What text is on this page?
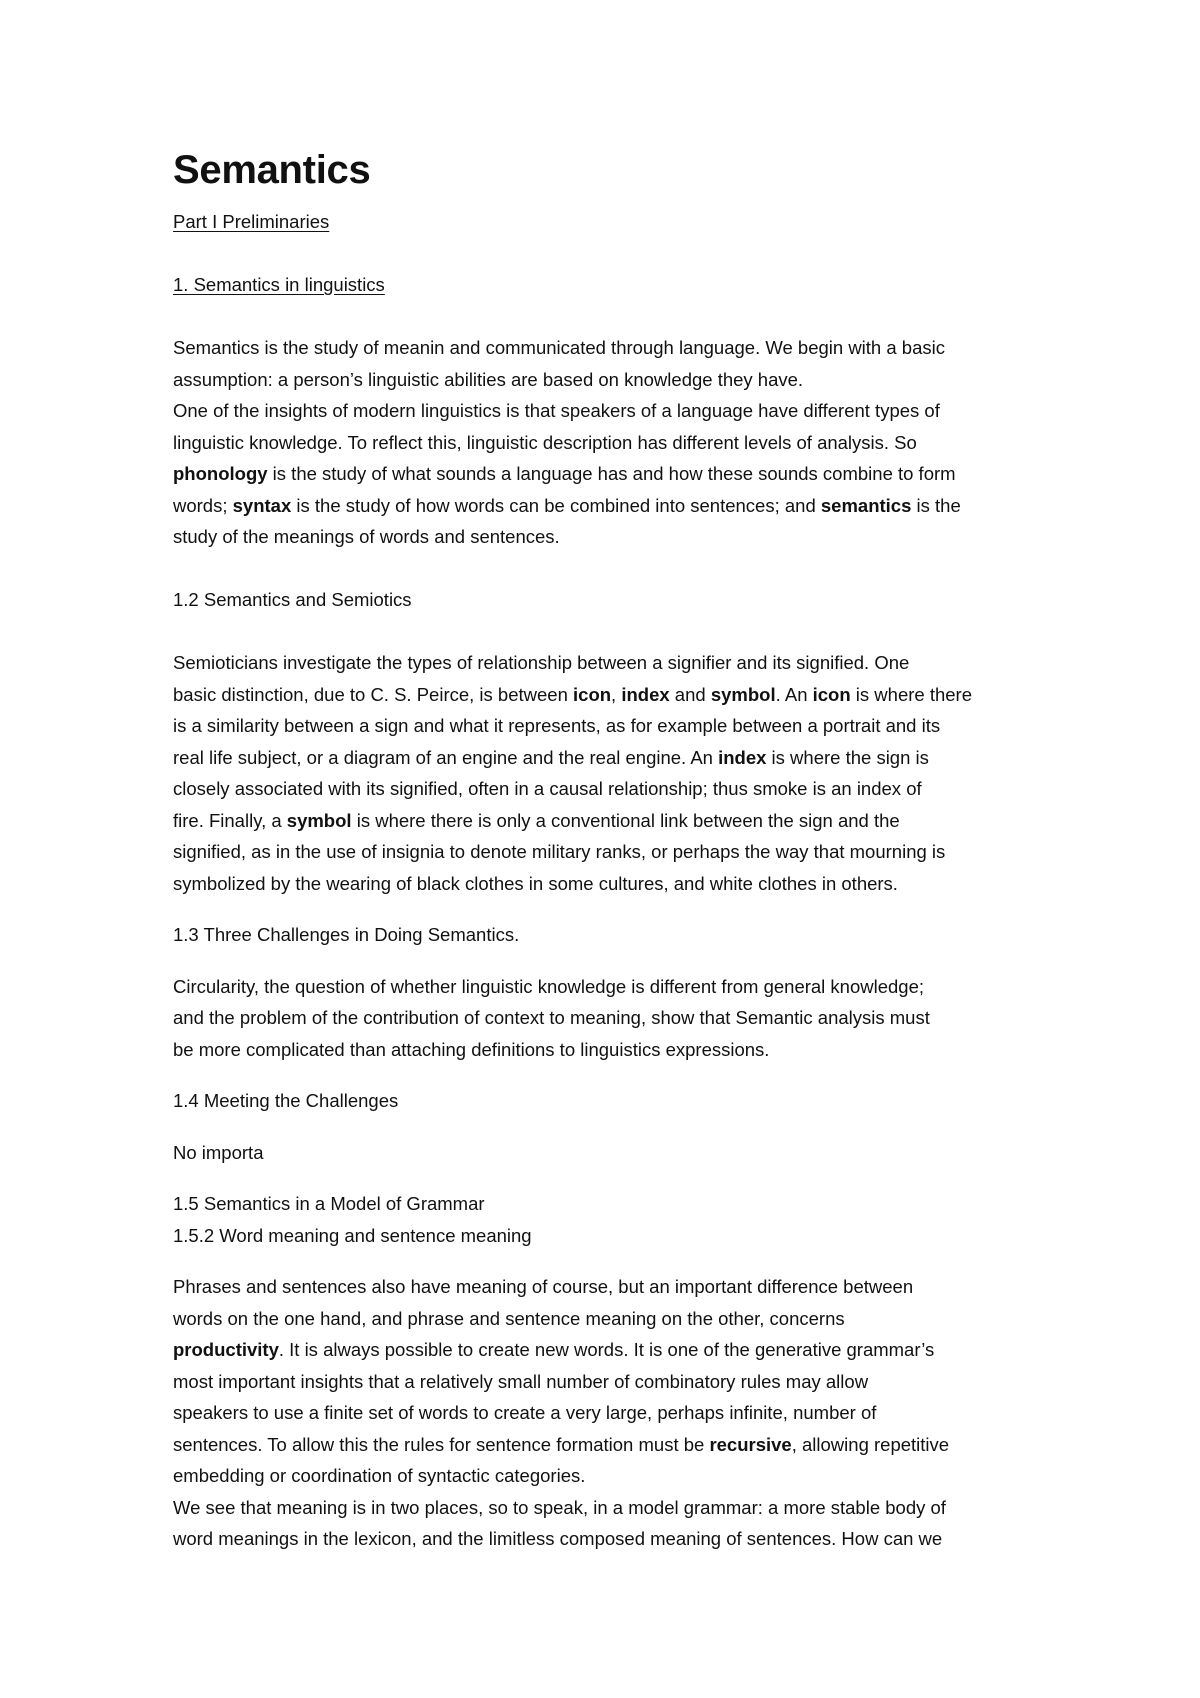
Semantics
Part I Preliminaries
1. Semantics in linguistics
Semantics is the study of meanin and communicated through language. We begin with a basic
assumption: a person’s linguistic abilities are based on knowledge they have.
One of the insights of modern linguistics is that speakers of a language have different types of
linguistic knowledge. To reflect this, linguistic description has different levels of analysis. So
phonology is the study of what sounds a language has and how these sounds combine to form
words; syntax is the study of how words can be combined into sentences; and semantics is the
study of the meanings of words and sentences.
1.2 Semantics and Semiotics
Semioticians investigate the types of relationship between a signifier and its signified. One
basic distinction, due to C. S. Peirce, is between icon, index and symbol. An icon is where there
is a similarity between a sign and what it represents, as for example between a portrait and its
real life subject, or a diagram of an engine and the real engine. An index is where the sign is
closely associated with its signified, often in a causal relationship; thus smoke is an index of
fire. Finally, a symbol is where there is only a conventional link between the sign and the
signified, as in the use of insignia to denote military ranks, or perhaps the way that mourning is
symbolized by the wearing of black clothes in some cultures, and white clothes in others.
1.3 Three Challenges in Doing Semantics.
Circularity, the question of whether linguistic knowledge is different from general knowledge;
and the problem of the contribution of context to meaning, show that Semantic analysis must
be more complicated than attaching definitions to linguistics expressions.
1.4 Meeting the Challenges
No importa
1.5 Semantics in a Model of Grammar
1.5.2 Word meaning and sentence meaning
Phrases and sentences also have meaning of course, but an important difference between
words on the one hand, and phrase and sentence meaning on the other, concerns
productivity. It is always possible to create new words. It is one of the generative grammar’s
most important insights that a relatively small number of combinatory rules may allow
speakers to use a finite set of words to create a very large, perhaps infinite, number of
sentences. To allow this the rules for sentence formation must be recursive, allowing repetitive
embedding or coordination of syntactic categories.
We see that meaning is in two places, so to speak, in a model grammar: a more stable body of
word meanings in the lexicon, and the limitless composed meaning of sentences. How can we
